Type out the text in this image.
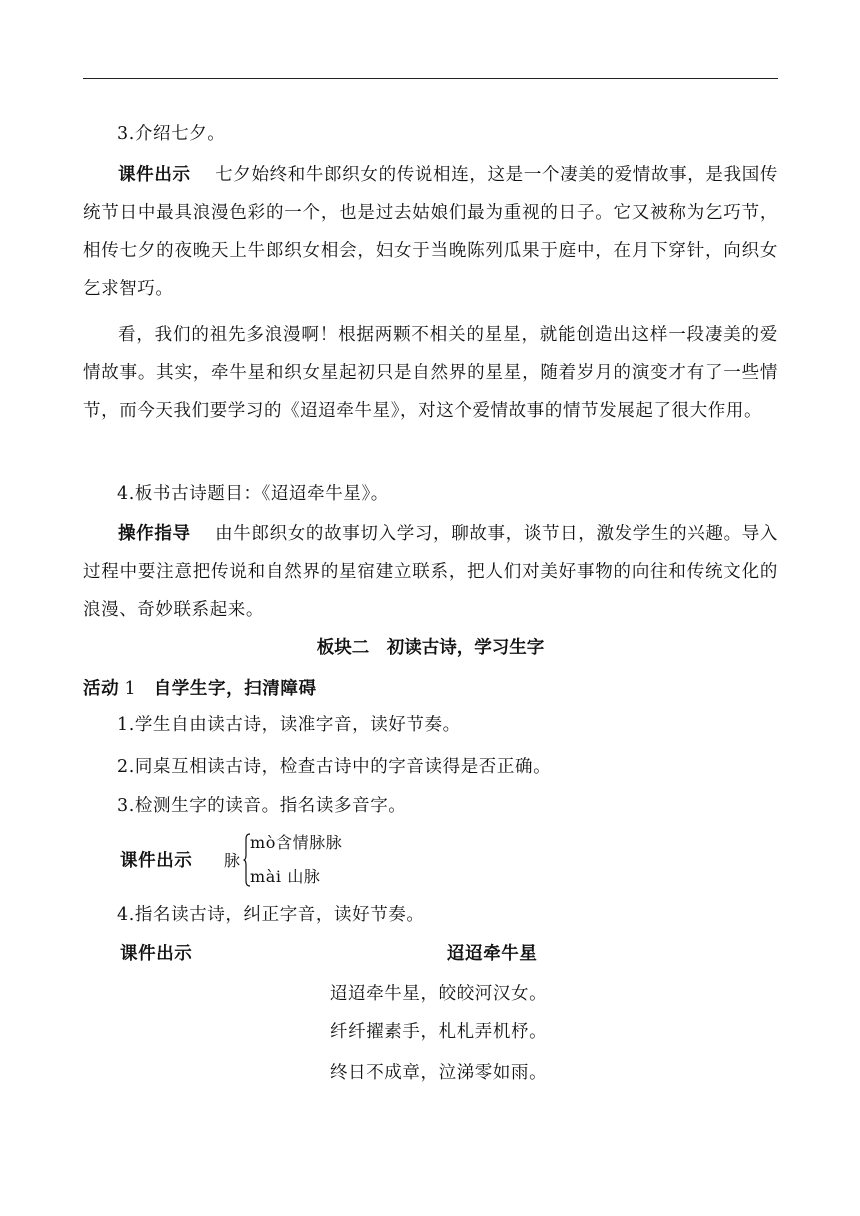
3.介绍七夕。
课件出示 七夕始终和牛郎织女的传说相连，这是一个凄美的爱情故事，是我国传统节日中最具浪漫色彩的一个，也是过去姑娘们最为重视的日子。它又被称为乞巧节，相传七夕的夜晚天上牛郎织女相会，妇女于当晚陈列瓜果于庭中，在月下穿针，向织女乞求智巧。
看，我们的祖先多浪漫啊！根据两颗不相关的星星，就能创造出这样一段凄美的爱情故事。其实，牵牛星和织女星起初只是自然界的星星，随着岁月的演变才有了一些情节，而今天我们要学习的《迢迢牵牛星》，对这个爱情故事的情节发展起了很大作用。
4.板书古诗题目：《迢迢牵牛星》。
操作指导 由牛郎织女的故事切入学习，聊故事，谈节日，激发学生的兴趣。导入过程中要注意把传说和自然界的星宿建立联系，把人们对美好事物的向往和传统文化的浪漫、奇妙联系起来。
板块二　初读古诗，学习生字
活动 1 自学生字，扫清障碍
1.学生自由读古诗，读准字音，读好节奏。
2.同桌互相读古诗，检查古诗中的字音读得是否正确。
3.检测生字的读音。指名读多音字。
课件出示 脉
mò含情脉脉
mài 山脉
4.指名读古诗，纠正字音，读好节奏。
课件出示	迢迢牵牛星
迢迢牵牛星，皎皎河汉女。
纤纤擢素手，札札弄机杼。
终日不成章，泣涕零如雨。
